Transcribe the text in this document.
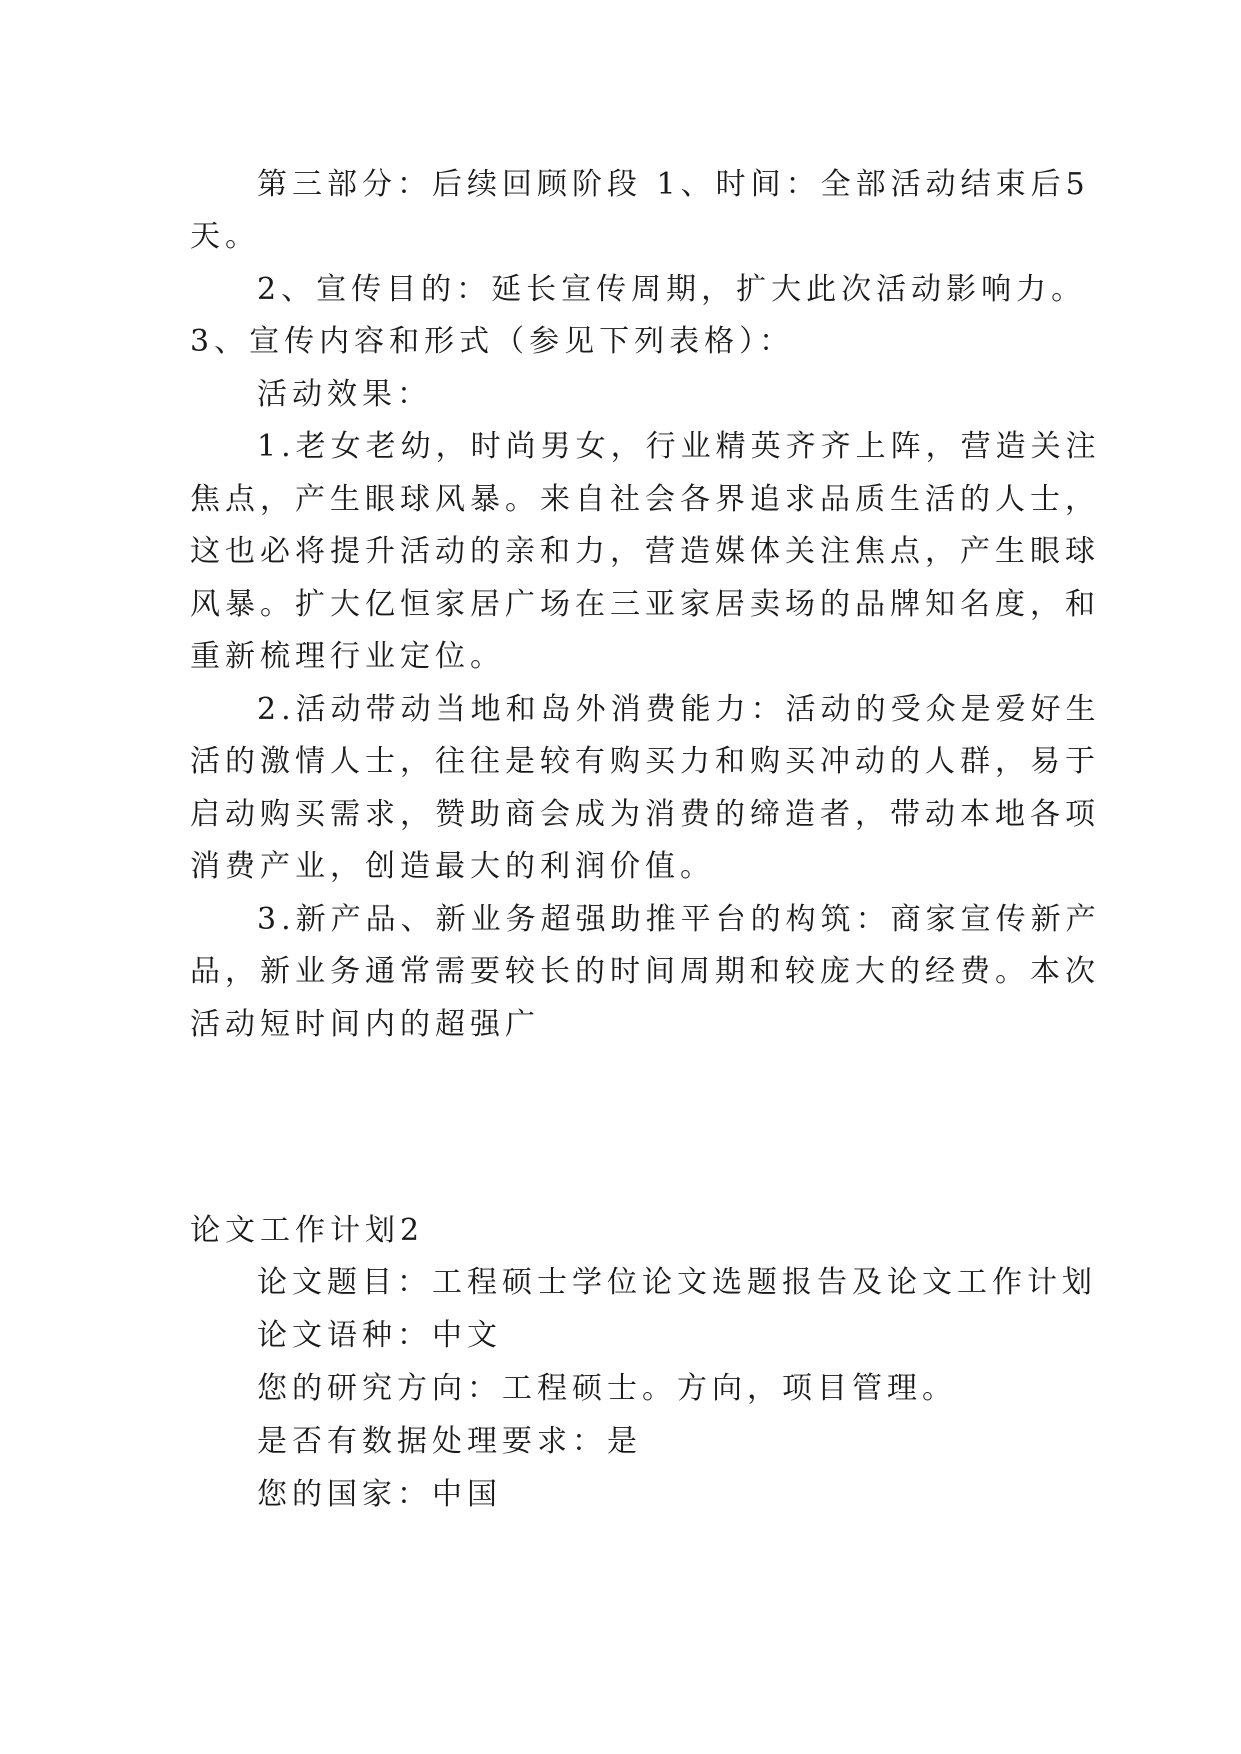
第三部分：后续回顾阶段 1、时间：全部活动结束后5
天。
2、宣传目的：延长宣传周期，扩大此次活动影响力。
3、宣传内容和形式（参见下列表格）：
活动效果：
1.老女老幼，时尚男女，行业精英齐齐上阵，营造关注
焦点，产生眼球风暴。来自社会各界追求品质生活的人士，
这也必将提升活动的亲和力，营造媒体关注焦点，产生眼球
风暴。扩大亿恒家居广场在三亚家居卖场的品牌知名度，和
重新梳理行业定位。
2.活动带动当地和岛外消费能力：活动的受众是爱好生
活的激情人士，往往是较有购买力和购买冲动的人群，易于
启动购买需求，赞助商会成为消费的缔造者，带动本地各项
消费产业，创造最大的利润价值。
3.新产品、新业务超强助推平台的构筑：商家宣传新产
品，新业务通常需要较长的时间周期和较庞大的经费。本次
活动短时间内的超强广
论文工作计划2
论文题目：工程硕士学位论文选题报告及论文工作计划
论文语种：中文
您的研究方向：工程硕士。方向，项目管理。
是否有数据处理要求：是
您的国家：中国
